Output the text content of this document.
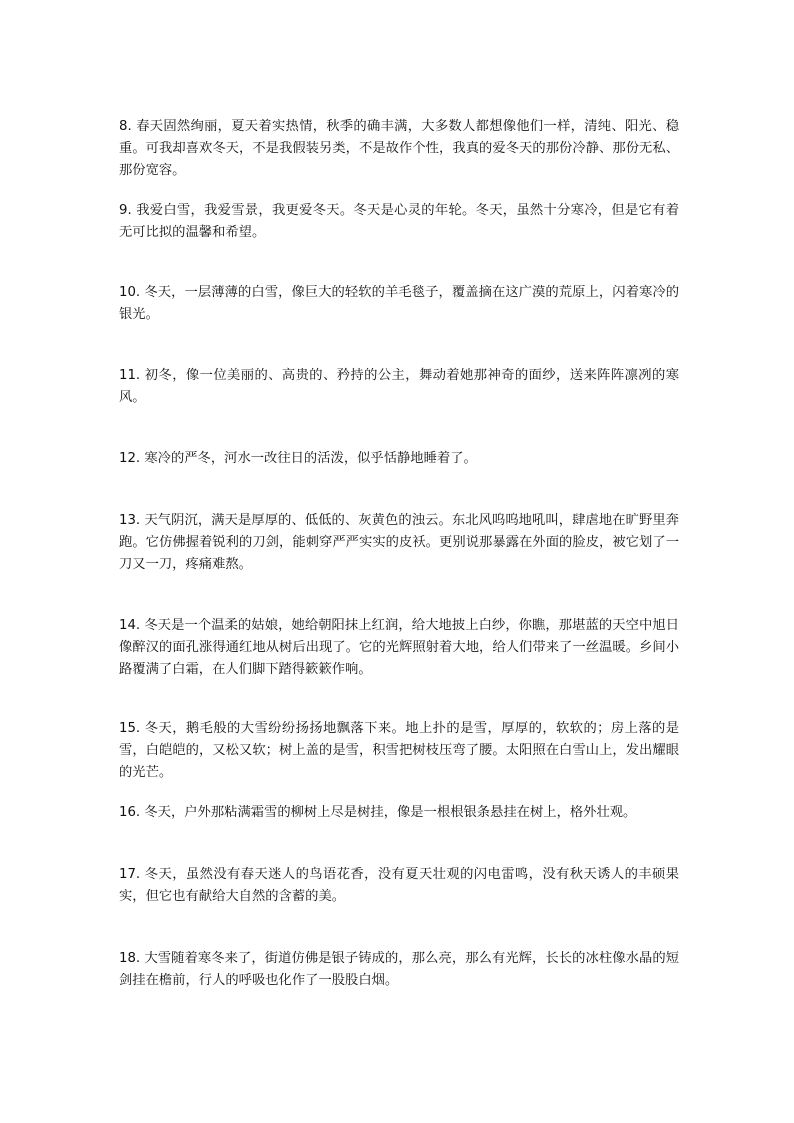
8. 春天固然绚丽，夏天着实热情，秋季的确丰满，大多数人都想像他们一样，清纯、阳光、稳重。可我却喜欢冬天，不是我假装另类，不是故作个性，我真的爱冬天的那份冷静、那份无私、那份宽容。

9. 我爱白雪，我爱雪景，我更爱冬天。冬天是心灵的年轮。冬天，虽然十分寒冷，但是它有着无可比拟的温馨和希望。

10. 冬天，一层薄薄的白雪，像巨大的轻软的羊毛毯子，覆盖摘在这广漠的荒原上，闪着寒冷的银光。

11. 初冬，像一位美丽的、高贵的、矜持的公主，舞动着她那神奇的面纱，送来阵阵凛冽的寒风。

12. 寒冷的严冬，河水一改往日的活泼，似乎恬静地睡着了。

13. 天气阴沉，满天是厚厚的、低低的、灰黄色的浊云。东北风呜呜地吼叫，肆虐地在旷野里奔跑。它仿佛握着锐利的刀剑，能刺穿严严实实的皮袄。更别说那暴露在外面的脸皮，被它划了一刀又一刀，疼痛难熬。

14. 冬天是一个温柔的姑娘，她给朝阳抹上红润，给大地披上白纱，你瞧，那堪蓝的天空中旭日像醉汉的面孔涨得通红地从树后出现了。它的光辉照射着大地，给人们带来了一丝温暖。乡间小路覆满了白霜，在人们脚下踏得簌簌作响。

15. 冬天，鹅毛般的大雪纷纷扬扬地飘落下来。地上扑的是雪，厚厚的，软软的；房上落的是雪，白皑皑的，又松又软；树上盖的是雪，积雪把树枝压弯了腰。太阳照在白雪山上，发出耀眼的光芒。

16. 冬天，户外那粘满霜雪的柳树上尽是树挂，像是一根根银条悬挂在树上，格外壮观。

17. 冬天，虽然没有春天迷人的鸟语花香，没有夏天壮观的闪电雷鸣，没有秋天诱人的丰硕果实，但它也有献给大自然的含蓄的美。

18. 大雪随着寒冬来了，街道仿佛是银子铸成的，那么亮，那么有光辉，长长的冰柱像水晶的短剑挂在檐前，行人的呼吸也化作了一股股白烟。
